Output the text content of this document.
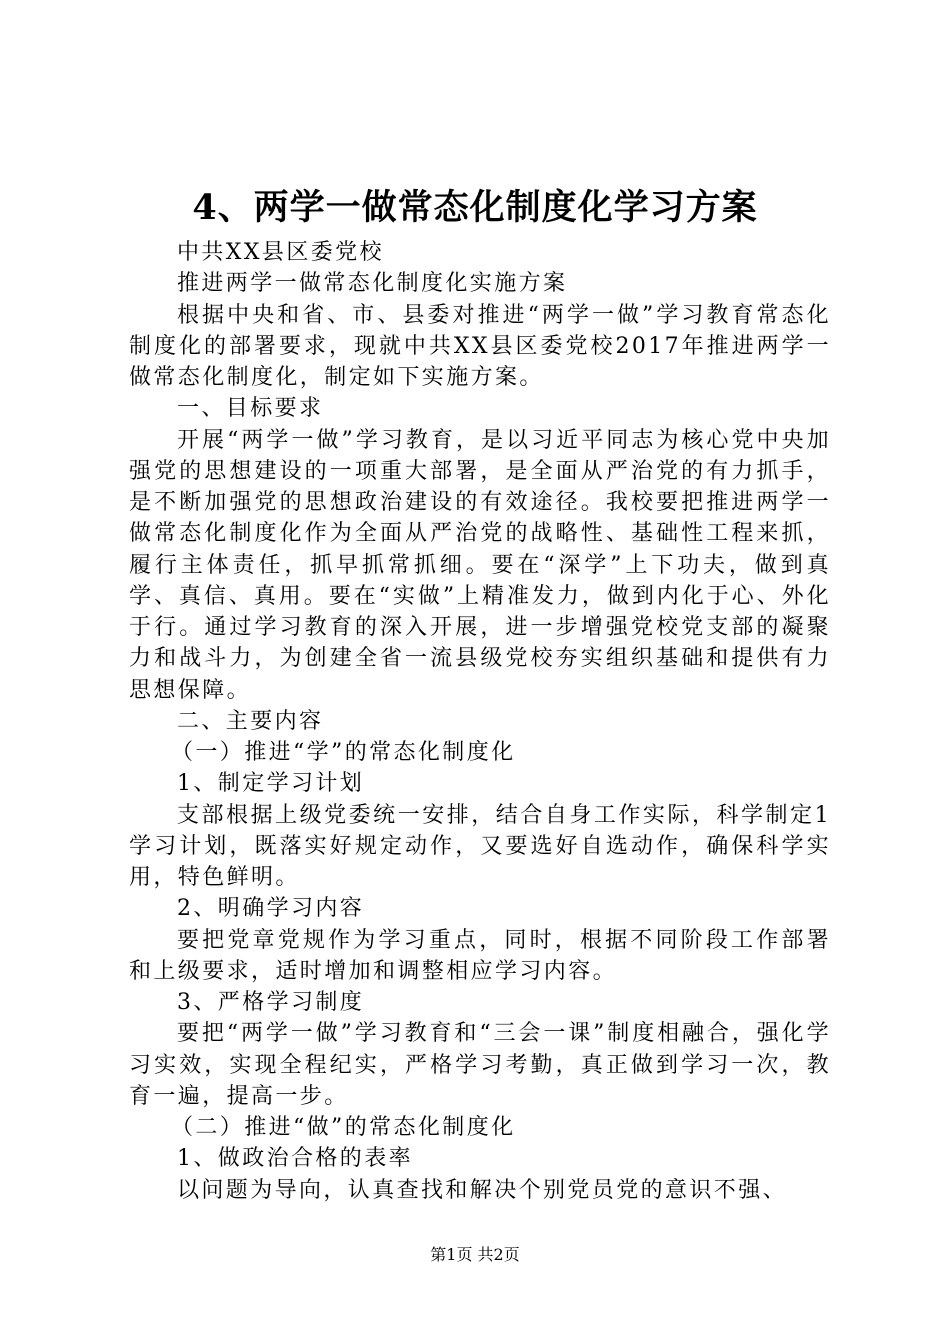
4、两学一做常态化制度化学习方案
中共XX县区委党校
推进两学一做常态化制度化实施方案
根据中央和省、市、县委对推进“两学一做”学习教育常态化制度化的部署要求，现就中共XX县区委党校2017年推进两学一做常态化制度化，制定如下实施方案。
一、目标要求
开展“两学一做”学习教育，是以习近平同志为核心党中央加强党的思想建设的一项重大部署，是全面从严治党的有力抓手，是不断加强党的思想政治建设的有效途径。我校要把推进两学一做常态化制度化作为全面从严治党的战略性、基础性工程来抓，履行主体责任，抓早抓常抓细。要在“深学”上下功夫，做到真学、真信、真用。要在“实做”上精准发力，做到内化于心、外化于行。通过学习教育的深入开展，进一步增强党校党支部的凝聚力和战斗力，为创建全省一流县级党校夯实组织基础和提供有力思想保障。
二、主要内容
（一）推进“学”的常态化制度化
1、制定学习计划
支部根据上级党委统一安排，结合自身工作实际，科学制定1学习计划，既落实好规定动作，又要选好自选动作，确保科学实用，特色鲜明。
2、明确学习内容
要把党章党规作为学习重点，同时，根据不同阶段工作部署和上级要求，适时增加和调整相应学习内容。
3、严格学习制度
要把“两学一做”学习教育和“三会一课”制度相融合，强化学习实效，实现全程纪实，严格学习考勤，真正做到学习一次，教育一遍，提高一步。
（二）推进“做”的常态化制度化
1、做政治合格的表率
以问题为导向，认真查找和解决个别党员党的意识不强、
第1页 共2页
